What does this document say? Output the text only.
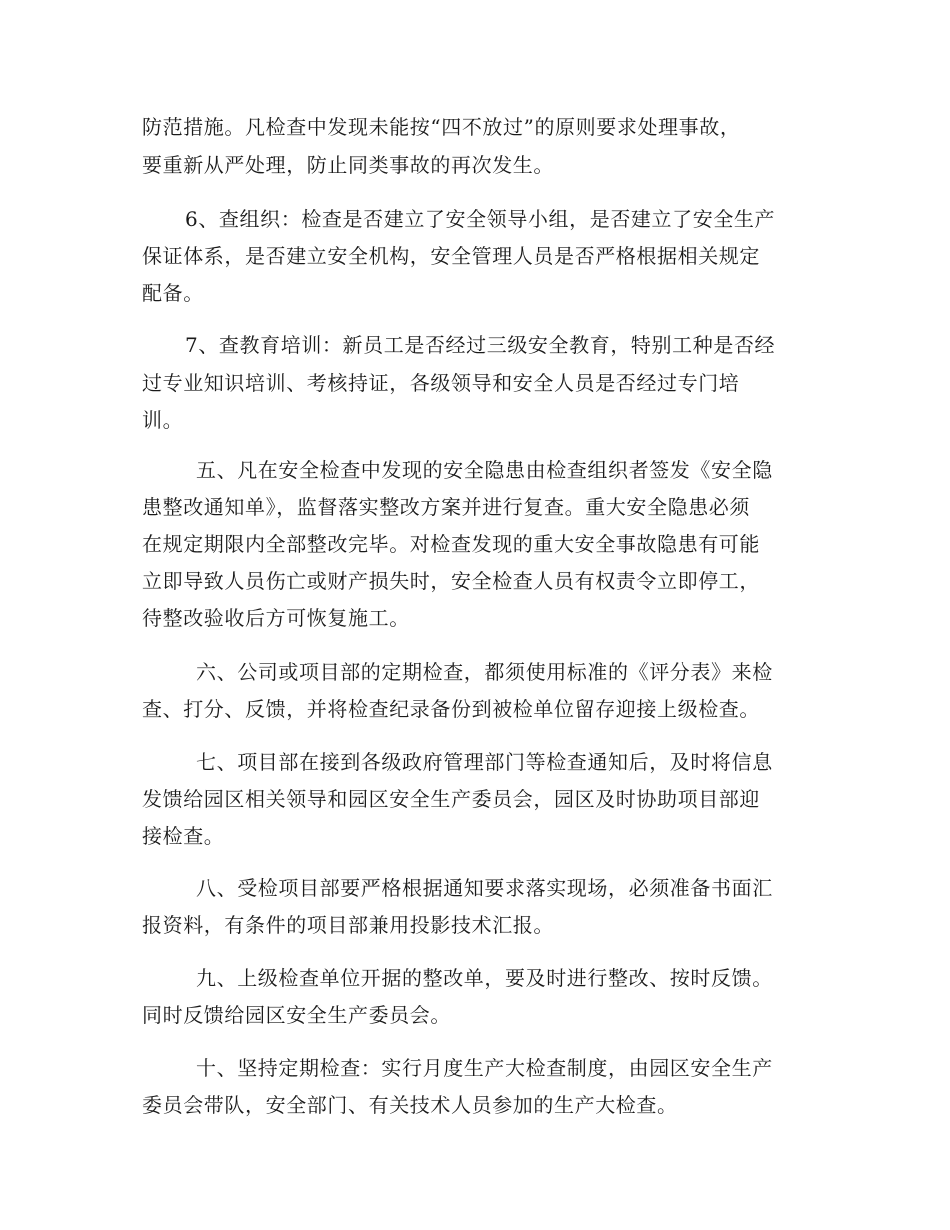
防范措施。凡检查中发现未能按“四不放过”的原则要求处理事故，
要重新从严处理，防止同类事故的再次发生。
6、查组织：检查是否建立了安全领导小组，是否建立了安全生产
保证体系，是否建立安全机构，安全管理人员是否严格根据相关规定
配备。
7、查教育培训：新员工是否经过三级安全教育，特别工种是否经
过专业知识培训、考核持证，各级领导和安全人员是否经过专门培
训。
五、凡在安全检查中发现的安全隐患由检查组织者签发《安全隐
患整改通知单》，监督落实整改方案并进行复查。重大安全隐患必须
在规定期限内全部整改完毕。对检查发现的重大安全事故隐患有可能
立即导致人员伤亡或财产损失时，安全检查人员有权责令立即停工，
待整改验收后方可恢复施工。
六、公司或项目部的定期检查，都须使用标准的《评分表》来检
查、打分、反馈，并将检查纪录备份到被检单位留存迎接上级检查。
七、项目部在接到各级政府管理部门等检查通知后，及时将信息
发馈给园区相关领导和园区安全生产委员会，园区及时协助项目部迎
接检查。
八、受检项目部要严格根据通知要求落实现场，必须准备书面汇
报资料，有条件的项目部兼用投影技术汇报。
九、上级检查单位开据的整改单，要及时进行整改、按时反馈。
同时反馈给园区安全生产委员会。
十、坚持定期检查：实行月度生产大检查制度，由园区安全生产
委员会带队，安全部门、有关技术人员参加的生产大检查。
